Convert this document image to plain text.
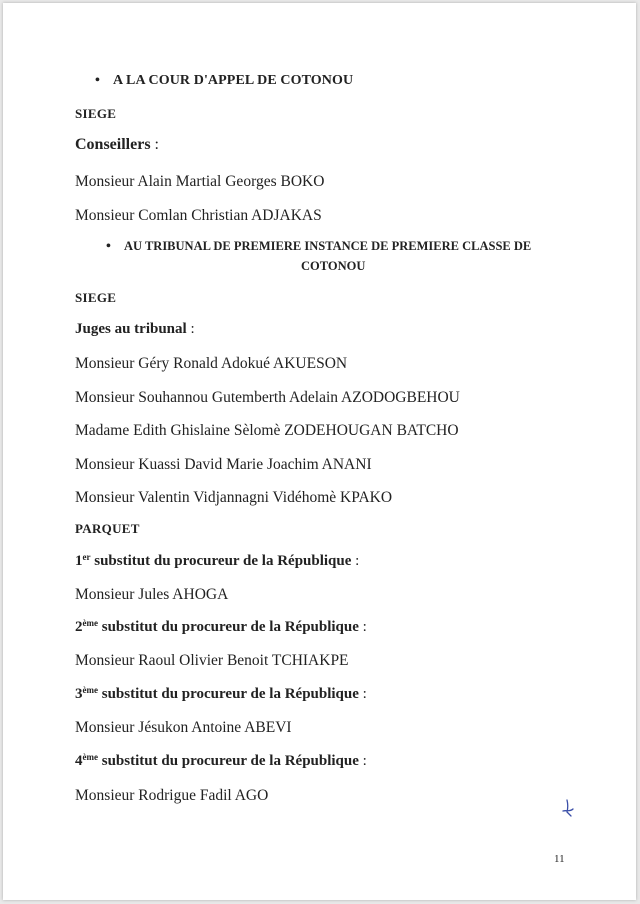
• A LA COUR D'APPEL DE COTONOU
SIEGE
Conseillers :
Monsieur Alain Martial Georges BOKO
Monsieur Comlan Christian ADJAKAS
• AU TRIBUNAL DE PREMIERE INSTANCE DE PREMIERE CLASSE DE
COTONOU
SIEGE
Juges au tribunal :
Monsieur Géry Ronald Adokué AKUESON
Monsieur Souhannou Gutemberth Adelain AZODOGBEHOU
Madame Edith Ghislaine Sèlomè ZODEHOUGAN BATCHO
Monsieur Kuassi David Marie Joachim ANANI
Monsieur Valentin Vidjannagni Vidéhomè KPAKO
PARQUET
1er substitut du procureur de la République :
Monsieur Jules AHOGA
2ème substitut du procureur de la République :
Monsieur Raoul Olivier Benoit TCHIAKPE
3ème substitut du procureur de la République :
Monsieur Jésukon Antoine ABEVI
4ème substitut du procureur de la République :
Monsieur Rodrigue Fadil AGO
11
